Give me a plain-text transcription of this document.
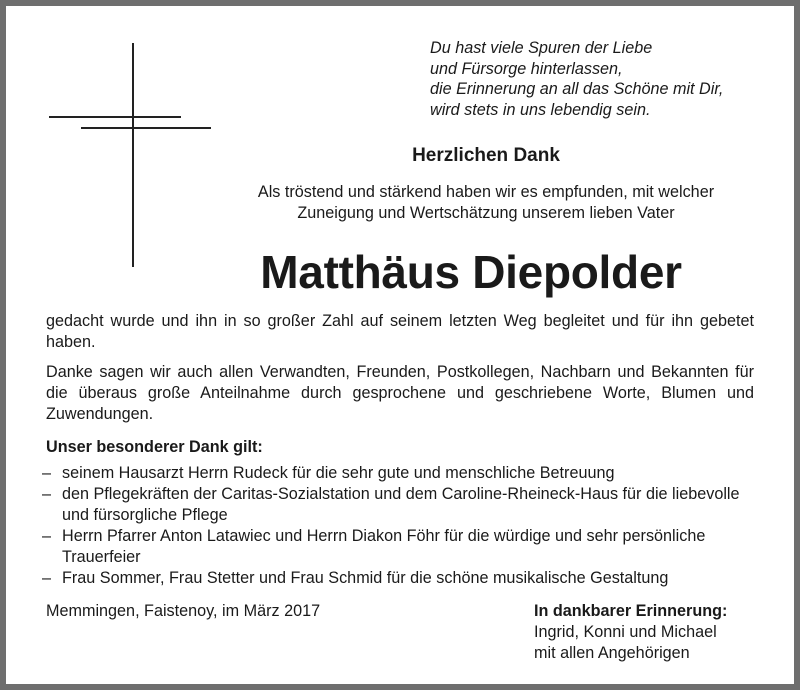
Du hast viele Spuren der Liebe
und Fürsorge hinterlassen,
die Erinnerung an all das Schöne mit Dir,
wird stets in uns lebendig sein.
Herzlichen Dank
Als tröstend und stärkend haben wir es empfunden, mit welcher
Zuneigung und Wertschätzung unserem lieben Vater
Matthäus Diepolder
gedacht wurde und ihn in so großer Zahl auf seinem letzten Weg begleitet und für ihn gebetet haben.
Danke sagen wir auch allen Verwandten, Freunden, Postkollegen, Nachbarn und Bekannten für die überaus große Anteilnahme durch gesprochene und geschriebene Worte, Blumen und Zuwendungen.
Unser besonderer Dank gilt:
– seinem Hausarzt Herrn Rudeck für die sehr gute und menschliche Betreuung
– den Pflegekräften der Caritas-Sozialstation und dem Caroline-Rheineck-Haus für die liebevolle und fürsorgliche Pflege
– Herrn Pfarrer Anton Latawiec und Herrn Diakon Föhr für die würdige und sehr persönliche Trauerfeier
– Frau Sommer, Frau Stetter und Frau Schmid für die schöne musikalische Gestaltung
Memmingen, Faistenoy, im März 2017	In dankbarer Erinnerung:
Ingrid, Konni und Michael
mit allen Angehörigen
